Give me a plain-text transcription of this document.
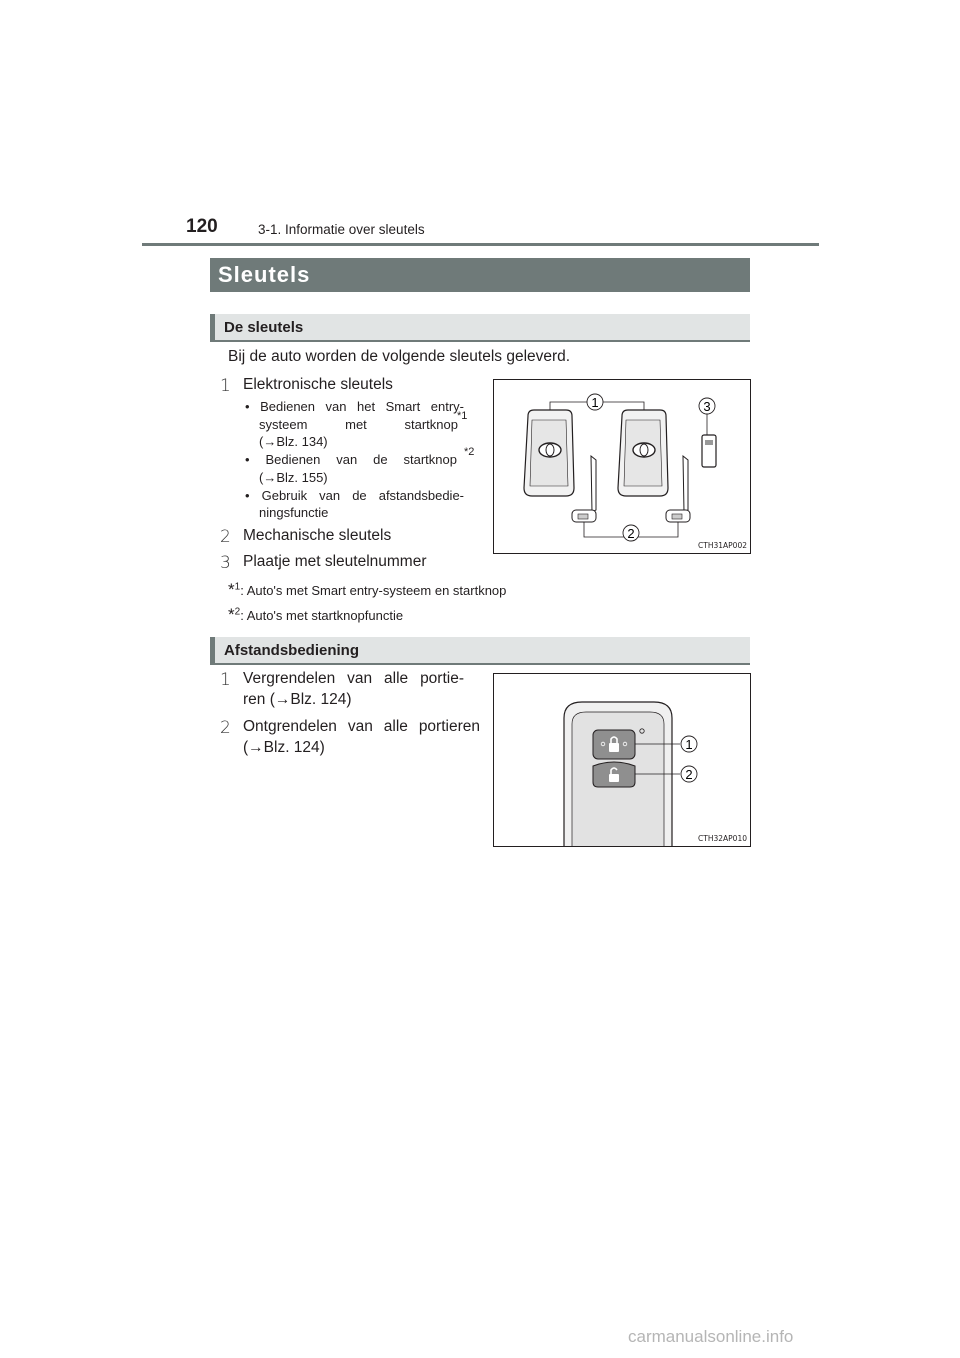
120	3-1. Informatie over sleutels
Sleutels
De sleutels
Bij de auto worden de volgende sleutels geleverd.
1 Elektronische sleutels
• Bedienen van het Smart entry-
systeem met startknop
*1
(→Blz. 134)
• Bedienen van de startknop *2
(→Blz. 155)
• Gebruik van de afstandsbedie-
ningsfunctie
2 Mechanische sleutels
3 Plaatje met sleutelnummer
*$^1$: Auto's met Smart entry-systeem en startknop
*$^2$: Auto's met startknopfunctie
1
2
3
CTH31AP002
Afstandsbediening
1 Vergrendelen van alle portie-
ren (→Blz. 124)
2 Ontgrendelen van alle portieren
(→Blz. 124)	1
2
CTH32AP010
carmanualsonline.info
